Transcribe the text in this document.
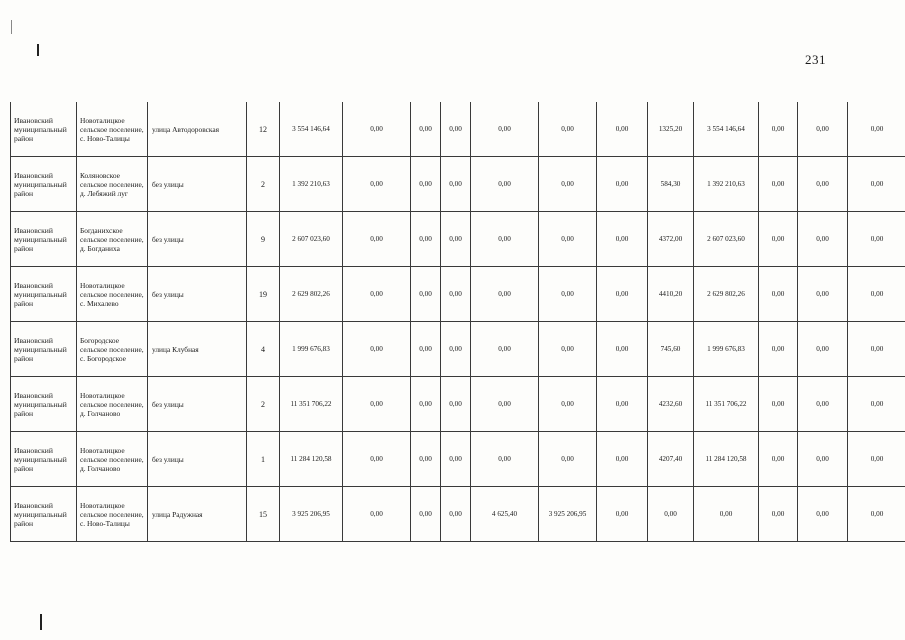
231
Ивановский муниципальный район	Новоталицкое сельское поселение, с. Ново-Талицы	улица Автодоровская	12	3 554 146,64	0,00	0,00	0,00	0,00	0,00	0,00	1325,20	3 554 146,64	0,00	0,00	0,00
Ивановский муниципальный район	Коляновское сельское поселение, д. Лебяжий луг	без улицы	2	1 392 210,63	0,00	0,00	0,00	0,00	0,00	0,00	584,30	1 392 210,63	0,00	0,00	0,00
Ивановский муниципальный район	Богданихское сельское поселение, д. Богданиха	без улицы	9	2 607 023,60	0,00	0,00	0,00	0,00	0,00	0,00	4372,00	2 607 023,60	0,00	0,00	0,00
Ивановский муниципальный район	Новоталицкое сельское поселение, с. Михалево	без улицы	19	2 629 802,26	0,00	0,00	0,00	0,00	0,00	0,00	4410,20	2 629 802,26	0,00	0,00	0,00
Ивановский муниципальный район	Богородское сельское поселение, с. Богородское	улица Клубная	4	1 999 676,83	0,00	0,00	0,00	0,00	0,00	0,00	745,60	1 999 676,83	0,00	0,00	0,00
Ивановский муниципальный район	Новоталицкое сельское поселение, д. Голчаново	без улицы	2	11 351 706,22	0,00	0,00	0,00	0,00	0,00	0,00	4232,60	11 351 706,22	0,00	0,00	0,00
Ивановский муниципальный район	Новоталицкое сельское поселение, д. Голчаново	без улицы	1	11 284 120,58	0,00	0,00	0,00	0,00	0,00	0,00	4207,40	11 284 120,58	0,00	0,00	0,00
Ивановский муниципальный район	Новоталицкое сельское поселение, с. Ново-Талицы	улица Радужная	15	3 925 206,95	0,00	0,00	0,00	4 625,40	3 925 206,95	0,00	0,00	0,00	0,00	0,00	0,00
